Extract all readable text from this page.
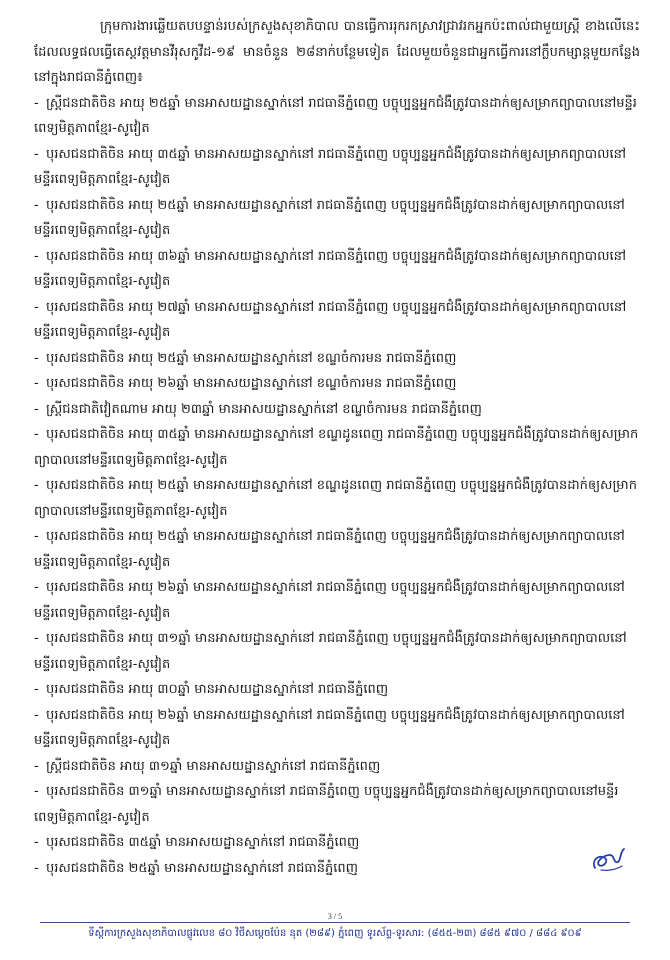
ក្រុមការងារឆ្លើយតបបន្ទាន់របស់ក្រសួងសុខាភិបាល បានធ្វើការរុករកស្រាវជ្រាវរកអ្នកប៉ះពាល់ជាមួយស្ត្រី ខាងលើនេះ ដែលលទ្ធផលធ្វើតេស្តវត្តមានវីរុសកូវីដ-១៩ មានចំនួន ២៨នាក់បន្ថែមទៀត ដែលមួយចំនួនជាអ្នកធ្វើការនៅក្លឹបកម្សាន្តមួយកន្លែងនៅក្នុងរាជធានីភ្នំពេញ៖

- ស្ត្រីជនជាតិចិន អាយុ ២៥ឆ្នាំ មានអាសយដ្ឋានស្នាក់នៅ រាជធានីភ្នំពេញ បច្ចុប្បន្នអ្នកជំងឺត្រូវបានដាក់ឲ្យសម្រាកព្យាបាលនៅមន្ទីរពេទ្យមិត្តភាពខ្មែរ-សូវៀត
- បុរសជនជាតិចិន អាយុ ៣៥ឆ្នាំ មានអាសយដ្ឋានស្នាក់នៅ រាជធានីភ្នំពេញ បច្ចុប្បន្នអ្នកជំងឺត្រូវបានដាក់ឲ្យសម្រាកព្យាបាលនៅមន្ទីរពេទ្យមិត្តភាពខ្មែរ-សូវៀត
- បុរសជនជាតិចិន អាយុ ២៥ឆ្នាំ មានអាសយដ្ឋានស្នាក់នៅ រាជធានីភ្នំពេញ បច្ចុប្បន្នអ្នកជំងឺត្រូវបានដាក់ឲ្យសម្រាកព្យាបាលនៅមន្ទីរពេទ្យមិត្តភាពខ្មែរ-សូវៀត
- បុរសជនជាតិចិន អាយុ ៣៦ឆ្នាំ មានអាសយដ្ឋានស្នាក់នៅ រាជធានីភ្នំពេញ បច្ចុប្បន្នអ្នកជំងឺត្រូវបានដាក់ឲ្យសម្រាកព្យាបាលនៅមន្ទីរពេទ្យមិត្តភាពខ្មែរ-សូវៀត
- បុរសជនជាតិចិន អាយុ ២៧ឆ្នាំ មានអាសយដ្ឋានស្នាក់នៅ រាជធានីភ្នំពេញ បច្ចុប្បន្នអ្នកជំងឺត្រូវបានដាក់ឲ្យសម្រាកព្យាបាលនៅមន្ទីរពេទ្យមិត្តភាពខ្មែរ-សូវៀត
- បុរសជនជាតិចិន អាយុ ២៥ឆ្នាំ មានអាសយដ្ឋានស្នាក់នៅ ខណ្ឌចំការមន រាជធានីភ្នំពេញ
- បុរសជនជាតិចិន អាយុ ២៦ឆ្នាំ មានអាសយដ្ឋានស្នាក់នៅ ខណ្ឌចំការមន រាជធានីភ្នំពេញ
- ស្ត្រីជនជាតិវៀតណាម អាយុ ២៣ឆ្នាំ មានអាសយដ្ឋានស្នាក់នៅ ខណ្ឌចំការមន រាជធានីភ្នំពេញ
- បុរសជនជាតិចិន អាយុ ៣៥ឆ្នាំ មានអាសយដ្ឋានស្នាក់នៅ ខណ្ឌដូនពេញ រាជធានីភ្នំពេញ បច្ចុប្បន្នអ្នកជំងឺត្រូវបានដាក់ឲ្យសម្រាកព្យាបាលនៅមន្ទីរពេទ្យមិត្តភាពខ្មែរ-សូវៀត
- បុរសជនជាតិចិន អាយុ ២៥ឆ្នាំ មានអាសយដ្ឋានស្នាក់នៅ ខណ្ឌដូនពេញ រាជធានីភ្នំពេញ បច្ចុប្បន្នអ្នកជំងឺត្រូវបានដាក់ឲ្យសម្រាកព្យាបាលនៅមន្ទីរពេទ្យមិត្តភាពខ្មែរ-សូវៀត
- បុរសជនជាតិចិន អាយុ ២៥ឆ្នាំ មានអាសយដ្ឋានស្នាក់នៅ រាជធានីភ្នំពេញ បច្ចុប្បន្នអ្នកជំងឺត្រូវបានដាក់ឲ្យសម្រាកព្យាបាលនៅមន្ទីរពេទ្យមិត្តភាពខ្មែរ-សូវៀត
- បុរសជនជាតិចិន អាយុ ២៦ឆ្នាំ មានអាសយដ្ឋានស្នាក់នៅ រាជធានីភ្នំពេញ បច្ចុប្បន្នអ្នកជំងឺត្រូវបានដាក់ឲ្យសម្រាកព្យាបាលនៅមន្ទីរពេទ្យមិត្តភាពខ្មែរ-សូវៀត
- បុរសជនជាតិចិន អាយុ ៣១ឆ្នាំ មានអាសយដ្ឋានស្នាក់នៅ រាជធានីភ្នំពេញ បច្ចុប្បន្នអ្នកជំងឺត្រូវបានដាក់ឲ្យសម្រាកព្យាបាលនៅមន្ទីរពេទ្យមិត្តភាពខ្មែរ-សូវៀត
- បុរសជនជាតិចិន អាយុ ៣០ឆ្នាំ មានអាសយដ្ឋានស្នាក់នៅ រាជធានីភ្នំពេញ
- បុរសជនជាតិចិន អាយុ ២៦ឆ្នាំ មានអាសយដ្ឋានស្នាក់នៅ រាជធានីភ្នំពេញ បច្ចុប្បន្នអ្នកជំងឺត្រូវបានដាក់ឲ្យសម្រាកព្យាបាលនៅមន្ទីរពេទ្យមិត្តភាពខ្មែរ-សូវៀត
- ស្ត្រីជនជាតិចិន អាយុ ៣១ឆ្នាំ មានអាសយដ្ឋានស្នាក់នៅ រាជធានីភ្នំពេញ
- បុរសជនជាតិចិន ៣១ឆ្នាំ មានអាសយដ្ឋានស្នាក់នៅ រាជធានីភ្នំពេញ បច្ចុប្បន្នអ្នកជំងឺត្រូវបានដាក់ឲ្យសម្រាកព្យាបាលនៅមន្ទីរពេទ្យមិត្តភាពខ្មែរ-សូវៀត
- បុរសជនជាតិចិន ៣៥ឆ្នាំ មានអាសយដ្ឋានស្នាក់នៅ រាជធានីភ្នំពេញ
- បុរសជនជាតិចិន ២៥ឆ្នាំ មានអាសយដ្ឋានស្នាក់នៅ រាជធានីភ្នំពេញ
3 / 5
ទីស្តីការក្រសួងសុខាភិបាលផ្លូវលេខ ៨០ វិថីសម្តេចប៉ែន នុត (២៨៩) ភ្នំពេញ ទូរស័ព្ទ-ទូរសារ: (៨៥៥-២៣) ៨៨៥ ៩៧០ / ៨៨៤ ៩០៩
